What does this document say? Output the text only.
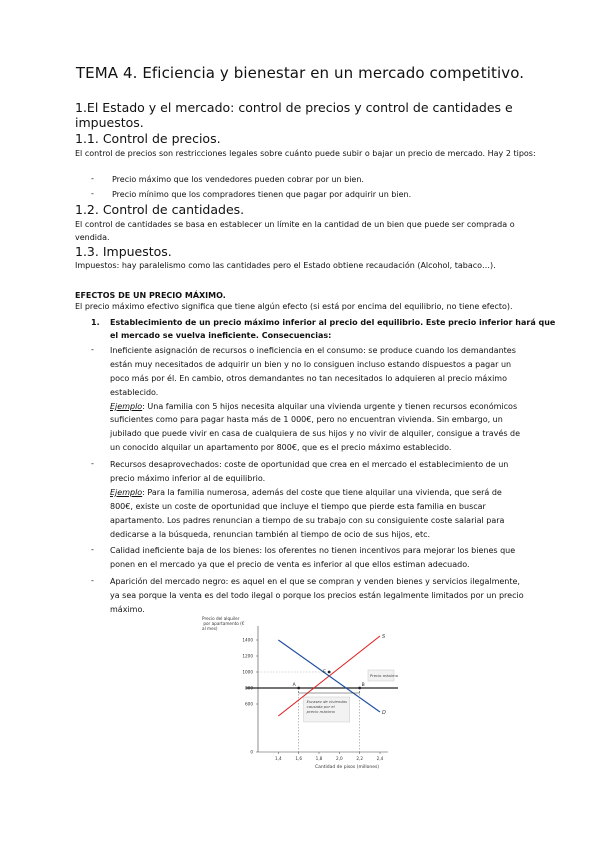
TEMA 4. Eficiencia y bienestar en un mercado competitivo.
1.El Estado y el mercado: control de precios y control de cantidades e impuestos.
1.1. Control de precios.
El control de precios son restricciones legales sobre cuánto puede subir o bajar un precio de mercado. Hay 2 tipos:
- Precio máximo que los vendedores pueden cobrar por un bien.
- Precio mínimo que los compradores tienen que pagar por adquirir un bien.
1.2. Control de cantidades.
El control de cantidades se basa en establecer un límite en la cantidad de un bien que puede ser comprada o vendida.
1.3. Impuestos.
Impuestos: hay paralelismo como las cantidades pero el Estado obtiene recaudación (Alcohol, tabaco…).
EFECTOS DE UN PRECIO MÁXIMO.
El precio máximo efectivo significa que tiene algún efecto (si está por encima del equilibrio, no tiene efecto).
1. Establecimiento de un precio máximo inferior al precio del equilibrio. Este precio inferior hará que
el mercado se vuelva ineficiente. Consecuencias:
- Ineficiente asignación de recursos o ineficiencia en el consumo: se produce cuando los demandantes
están muy necesitados de adquirir un bien y no lo consiguen incluso estando dispuestos a pagar un
poco más por él. En cambio, otros demandantes no tan necesitados lo adquieren al precio máximo
establecido.
Ejemplo: Una familia con 5 hijos necesita alquilar una vivienda urgente y tienen recursos económicos
suficientes como para pagar hasta más de 1 000€, pero no encuentran vivienda. Sin embargo, un
jubilado que puede vivir en casa de cualquiera de sus hijos y no vivir de alquiler, consigue a través de
un conocido alquilar un apartamento por 800€, que es el precio máximo establecido.
- Recursos desaprovechados: coste de oportunidad que crea en el mercado el establecimiento de un
precio máximo inferior al de equilibrio.
Ejemplo: Para la familia numerosa, además del coste que tiene alquilar una vivienda, que será de
800€, existe un coste de oportunidad que incluye el tiempo que pierde esta familia en buscar
apartamento. Los padres renuncian a tiempo de su trabajo con su consiguiente coste salarial para
dedicarse a la búsqueda, renuncian también al tiempo de ocio de sus hijos, etc.
- Calidad ineficiente baja de los bienes: los oferentes no tienen incentivos para mejorar los bienes que
ponen en el mercado ya que el precio de venta es inferior al que ellos estiman adecuado.
- Aparición del mercado negro: es aquel en el que se compran y venden bienes y servicios ilegalmente,
ya sea porque la venta es del todo ilegal o porque los precios están legalmente limitados por un precio
máximo.
Precio del alquiler por apartamento (€ al mes)
Cantidad de pisos (millones)
1400
1200
1000
800
600
0
1,4	1,6	1,8	2,0	2,2	2,4
S
D
E
A	B
Precio máximo
Escasez de viviendas causada por el precio máximo
